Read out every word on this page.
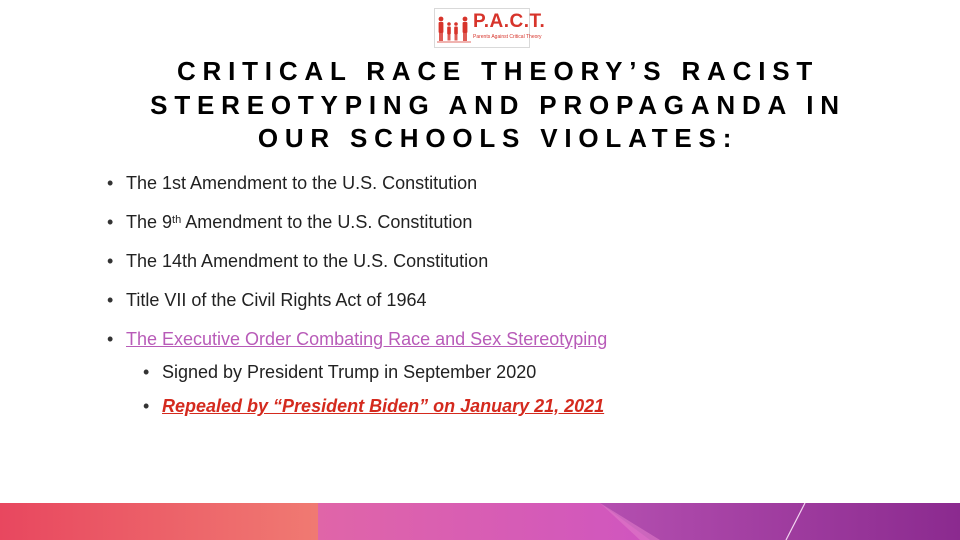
P.A.C.T.
Parents Against Critical Theory
CRITICAL RACE THEORY’S RACIST
STEREOTYPING AND PROPAGANDA IN
OUR SCHOOLS VIOLATES:
• The 1st Amendment to the U.S. Constitution
• The 9th Amendment to the U.S. Constitution
• The 14th Amendment to the U.S. Constitution
• Title VII of the Civil Rights Act of 1964
• The Executive Order Combating Race and Sex Stereotyping
• Signed by President Trump in September 2020
• Repealed by “President Biden” on January 21, 2021
